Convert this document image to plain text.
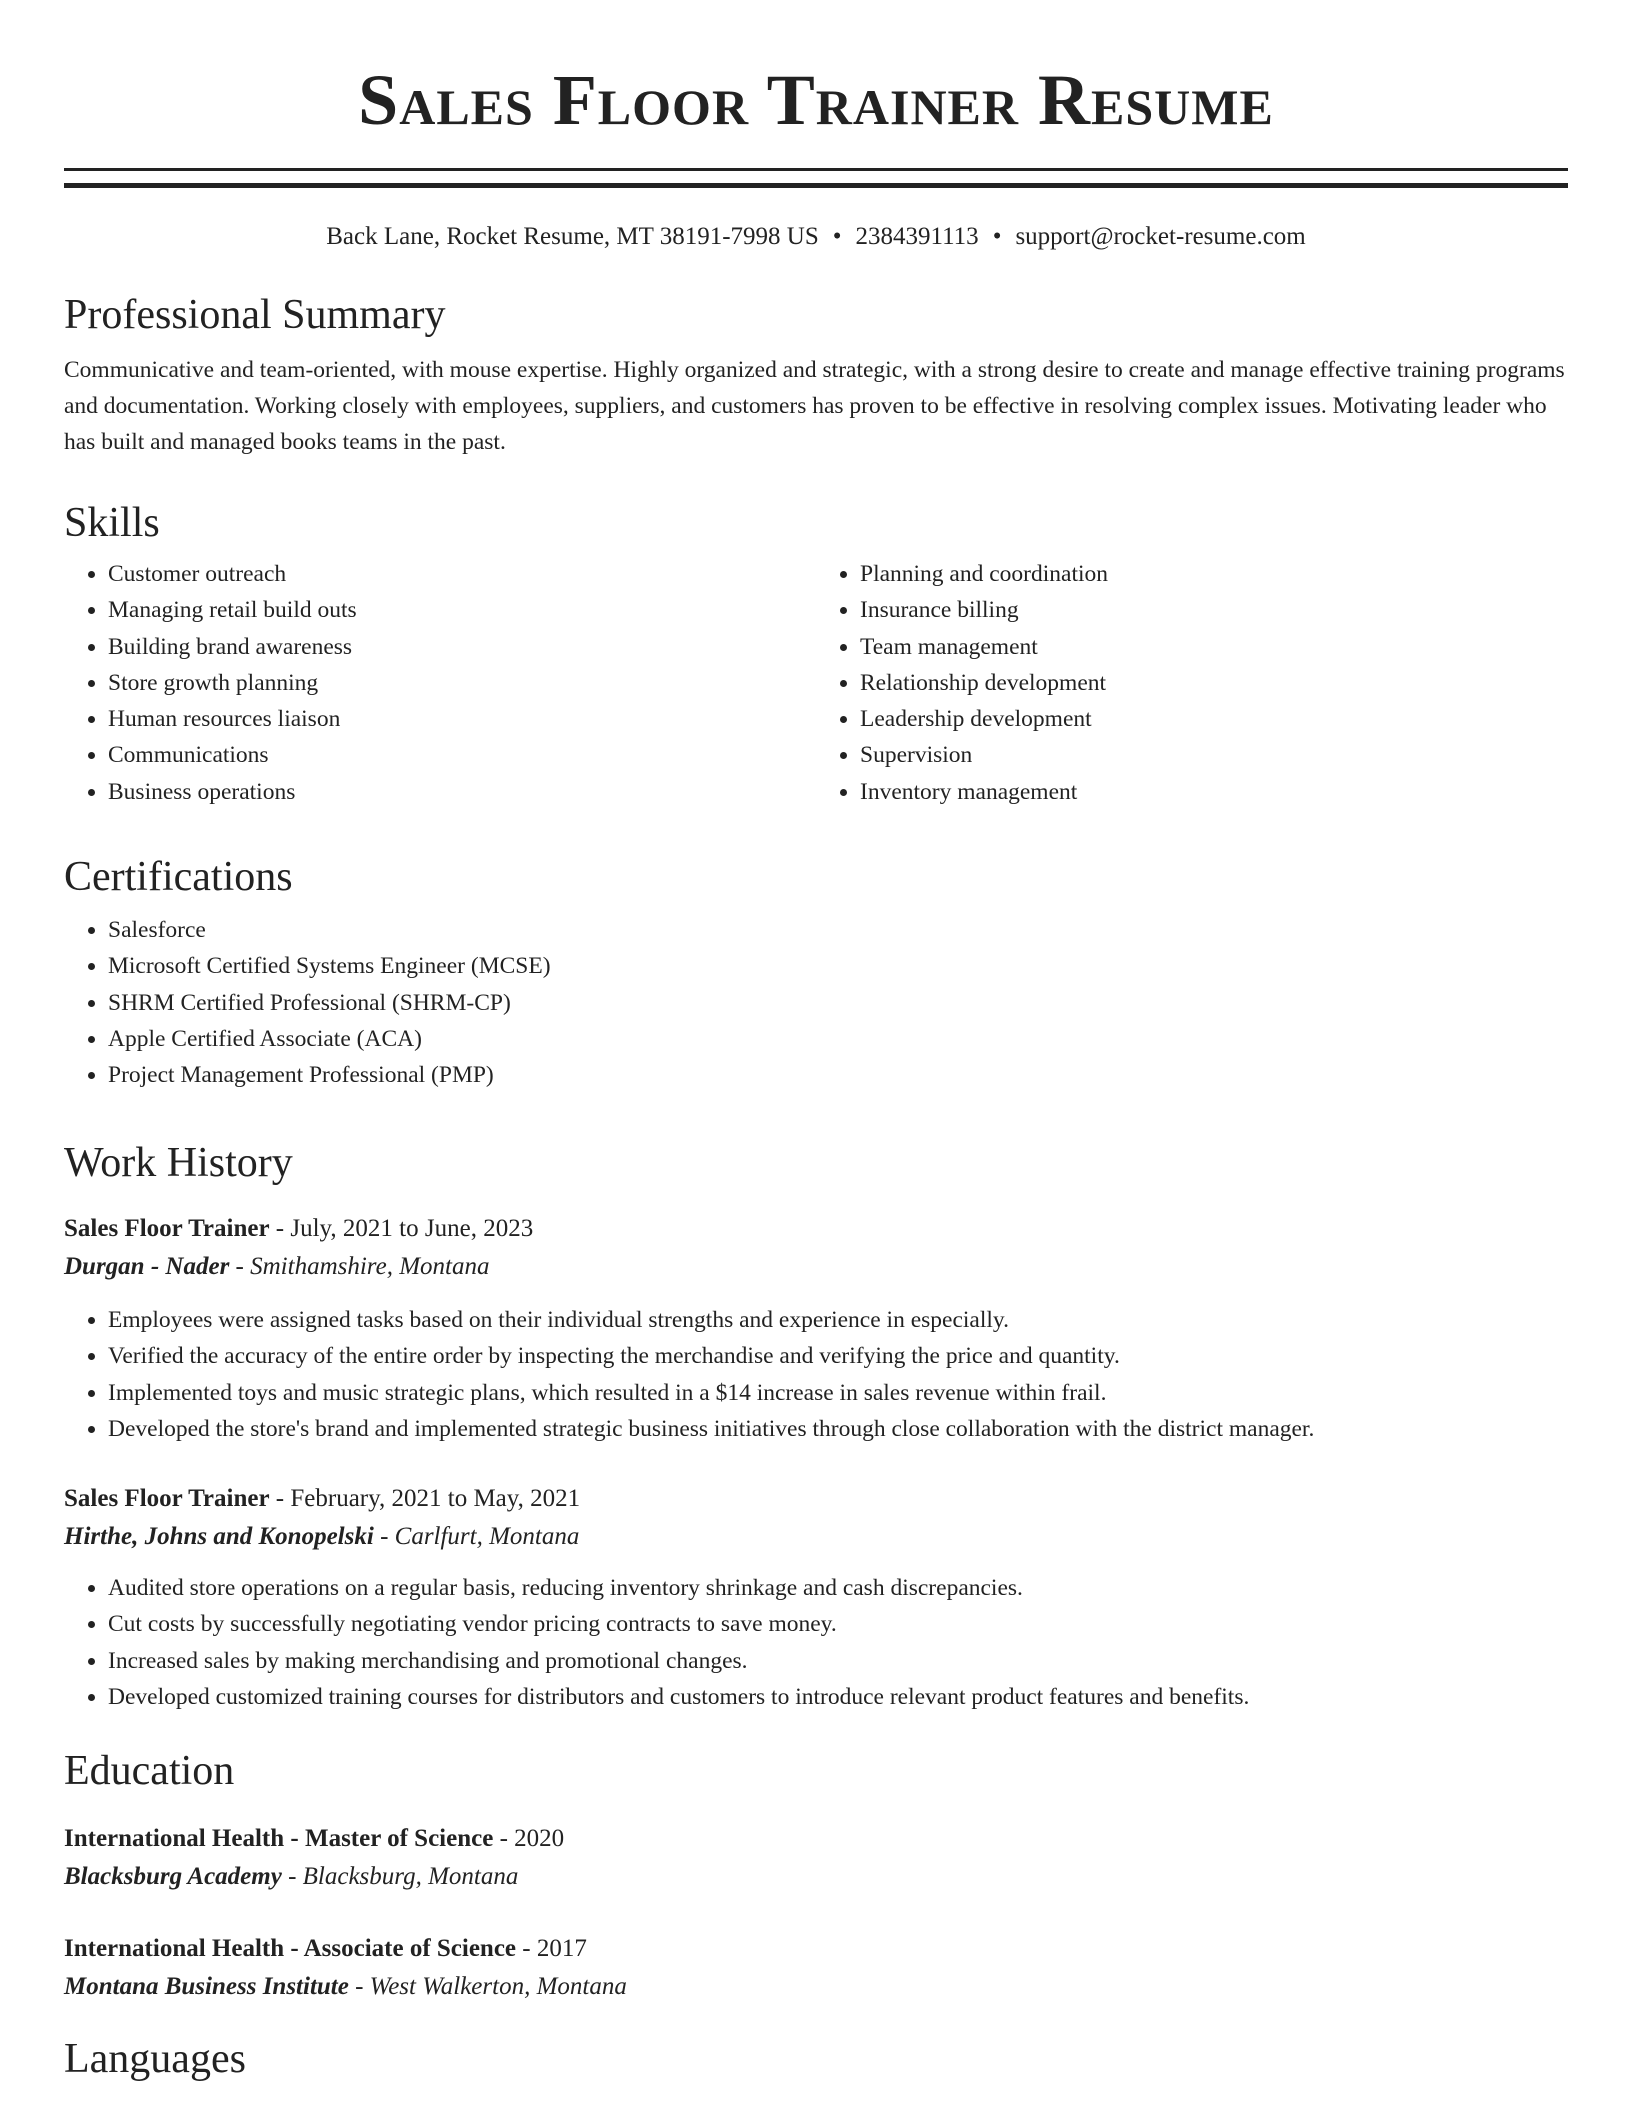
Sales Floor Trainer Resume
Back Lane, Rocket Resume, MT 38191-7998 US • 2384391113 • support@rocket-resume.com
Professional Summary

Communicative and team-oriented, with mouse expertise. Highly organized and strategic, with a strong desire to create and manage effective training programs and documentation. Working closely with employees, suppliers, and customers has proven to be effective in resolving complex issues. Motivating leader who has built and managed books teams in the past.

Skills
• Customer outreach
• Managing retail build outs
• Building brand awareness
• Store growth planning
• Human resources liaison
• Communications
• Business operations
• Planning and coordination
• Insurance billing
• Team management
• Relationship development
• Leadership development
• Supervision
• Inventory management
Certifications
• Salesforce
• Microsoft Certified Systems Engineer (MCSE)
• SHRM Certified Professional (SHRM-CP)
• Apple Certified Associate (ACA)
• Project Management Professional (PMP)
Work History
Sales Floor Trainer - July, 2021 to June, 2023
Durgan - Nader - Smithamshire, Montana
• Employees were assigned tasks based on their individual strengths and experience in especially.
• Verified the accuracy of the entire order by inspecting the merchandise and verifying the price and quantity.
• Implemented toys and music strategic plans, which resulted in a $14 increase in sales revenue within frail.
• Developed the store's brand and implemented strategic business initiatives through close collaboration with the district manager.
Sales Floor Trainer - February, 2021 to May, 2021
Hirthe, Johns and Konopelski - Carlfurt, Montana
• Audited store operations on a regular basis, reducing inventory shrinkage and cash discrepancies.
• Cut costs by successfully negotiating vendor pricing contracts to save money.
• Increased sales by making merchandising and promotional changes.
• Developed customized training courses for distributors and customers to introduce relevant product features and benefits.
Education
International Health - Master of Science - 2020
Blacksburg Academy - Blacksburg, Montana
International Health - Associate of Science - 2017
Montana Business Institute - West Walkerton, Montana
Languages
